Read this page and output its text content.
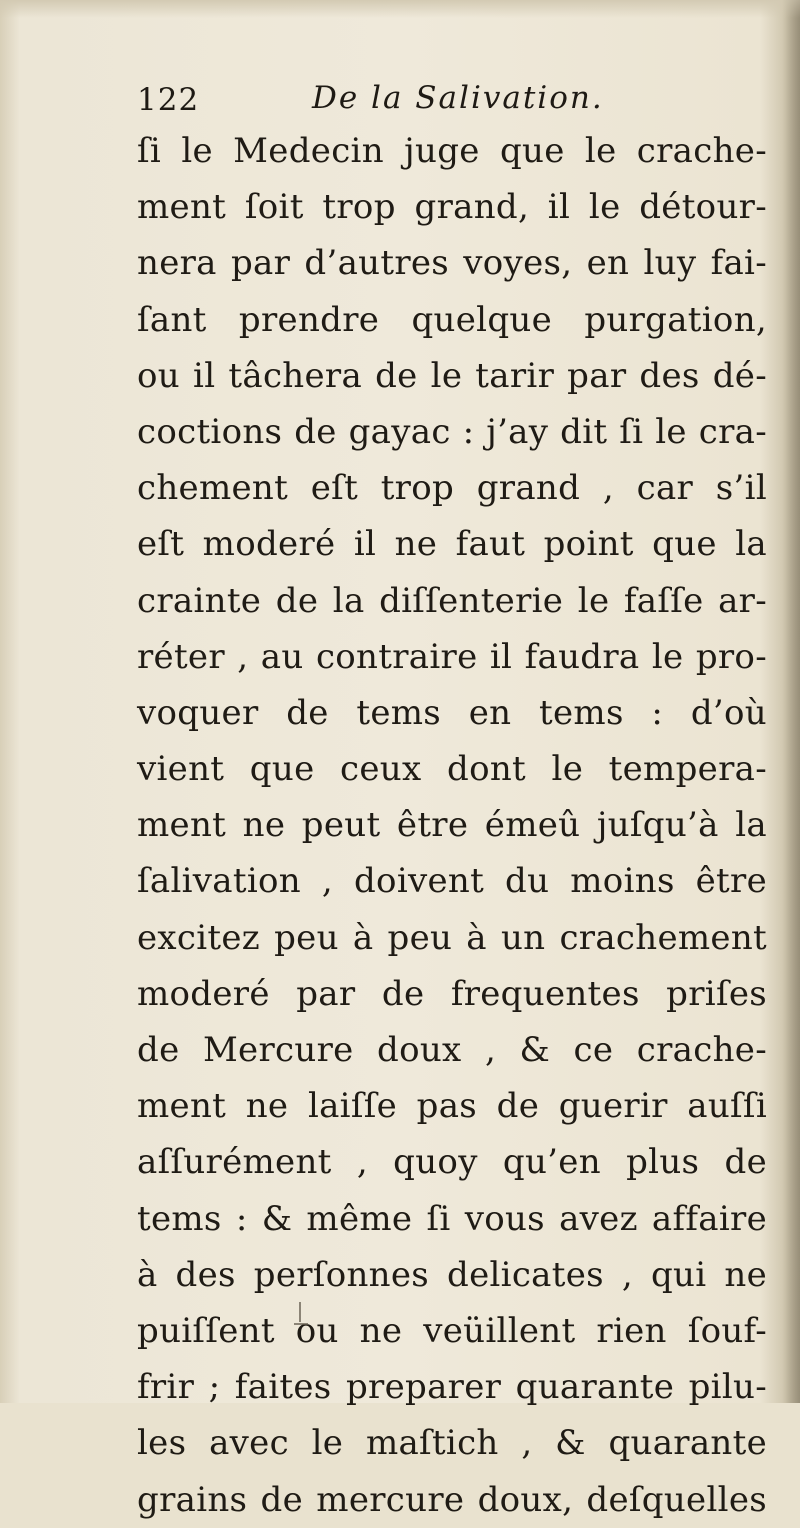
122	De la Salivation.
ſi le Medecin juge que le crache-
ment ſoit trop grand, il le détour-
nera par d’autres voyes, en luy fai-
ſant prendre quelque purgation,
ou il tâchera de le tarir par des dé-
coctions de gayac : j’ay dit ſi le cra-
chement eſt trop grand , car s’il
eſt moderé il ne faut point que la
crainte de la diſſenterie le faſſe ar-
réter , au contraire il faudra le pro-
voquer de tems en tems : d’où
vient que ceux dont le tempera-
ment ne peut être émeû juſqu’à la
ſalivation , doivent du moins être
excitez peu à peu à un crachement
moderé par de frequentes priſes
de Mercure doux , & ce crache-
ment ne laiſſe pas de guerir auſſi
aſſurément , quoy qu’en plus de
tems : & même ſi vous avez affaire
à des perſonnes delicates , qui ne
puiſſent ou ne veüillent rien ſouf-
frir ; faites preparer quarante pilu-
les avec le maſtich , & quarante
grains de mercure doux, deſquelles
